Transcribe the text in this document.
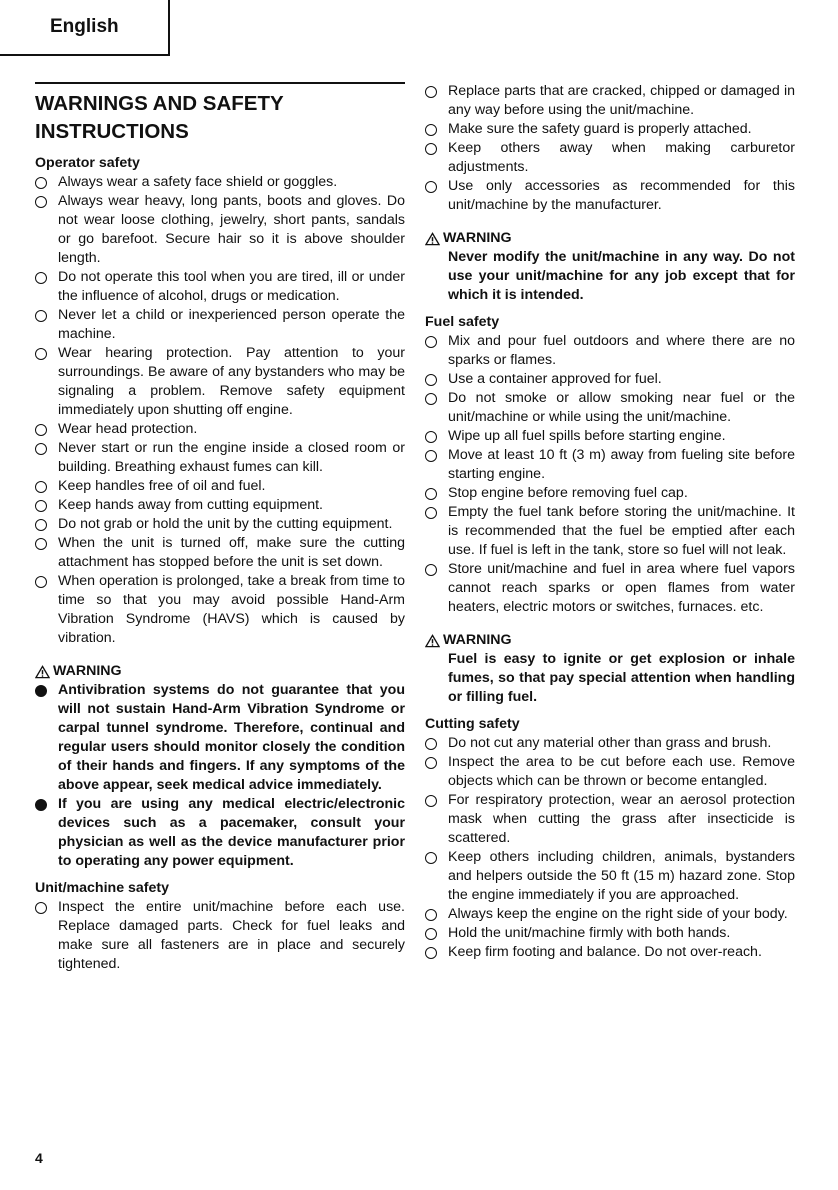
English
WARNINGS AND SAFETY INSTRUCTIONS
Operator safety
Always wear a safety face shield or goggles.
Always wear heavy, long pants, boots and gloves. Do not wear loose clothing, jewelry, short pants, sandals or go barefoot. Secure hair so it is above shoulder length.
Do not operate this tool when you are tired, ill or under the influence of alcohol, drugs or medication.
Never let a child or inexperienced person operate the machine.
Wear hearing protection. Pay attention to your surroundings. Be aware of any bystanders who may be signaling a problem. Remove safety equipment immediately upon shutting off engine.
Wear head protection.
Never start or run the engine inside a closed room or building. Breathing exhaust fumes can kill.
Keep handles free of oil and fuel.
Keep hands away from cutting equipment.
Do not grab or hold the unit by the cutting equipment.
When the unit is turned off, make sure the cutting attachment has stopped before the unit is set down.
When operation is prolonged, take a break from time to time so that you may avoid possible Hand-Arm Vibration Syndrome (HAVS) which is caused by vibration.
WARNING
Antivibration systems do not guarantee that you will not sustain Hand-Arm Vibration Syndrome or carpal tunnel syndrome. Therefore, continual and regular users should monitor closely the condition of their hands and fingers. If any symptoms of the above appear, seek medical advice immediately.
If you are using any medical electric/electronic devices such as a pacemaker, consult your physician as well as the device manufacturer prior to operating any power equipment.
Unit/machine safety
Inspect the entire unit/machine before each use. Replace damaged parts. Check for fuel leaks and make sure all fasteners are in place and securely tightened.
Replace parts that are cracked, chipped or damaged in any way before using the unit/machine.
Make sure the safety guard is properly attached.
Keep others away when making carburetor adjustments.
Use only accessories as recommended for this unit/machine by the manufacturer.
WARNING
Never modify the unit/machine in any way. Do not use your unit/machine for any job except that for which it is intended.
Fuel safety
Mix and pour fuel outdoors and where there are no sparks or flames.
Use a container approved for fuel.
Do not smoke or allow smoking near fuel or the unit/machine or while using the unit/machine.
Wipe up all fuel spills before starting engine.
Move at least 10 ft (3 m) away from fueling site before starting engine.
Stop engine before removing fuel cap.
Empty the fuel tank before storing the unit/machine. It is recommended that the fuel be emptied after each use. If fuel is left in the tank, store so fuel will not leak.
Store unit/machine and fuel in area where fuel vapors cannot reach sparks or open flames from water heaters, electric motors or switches, furnaces. etc.
WARNING
Fuel is easy to ignite or get explosion or inhale fumes, so that pay special attention when handling or filling fuel.
Cutting safety
Do not cut any material other than grass and brush.
Inspect the area to be cut before each use. Remove objects which can be thrown or become entangled.
For respiratory protection, wear an aerosol protection mask when cutting the grass after insecticide is scattered.
Keep others including children, animals, bystanders and helpers outside the 50 ft (15 m) hazard zone. Stop the engine immediately if you are approached.
Always keep the engine on the right side of your body.
Hold the unit/machine firmly with both hands.
Keep firm footing and balance. Do not over-reach.
4
